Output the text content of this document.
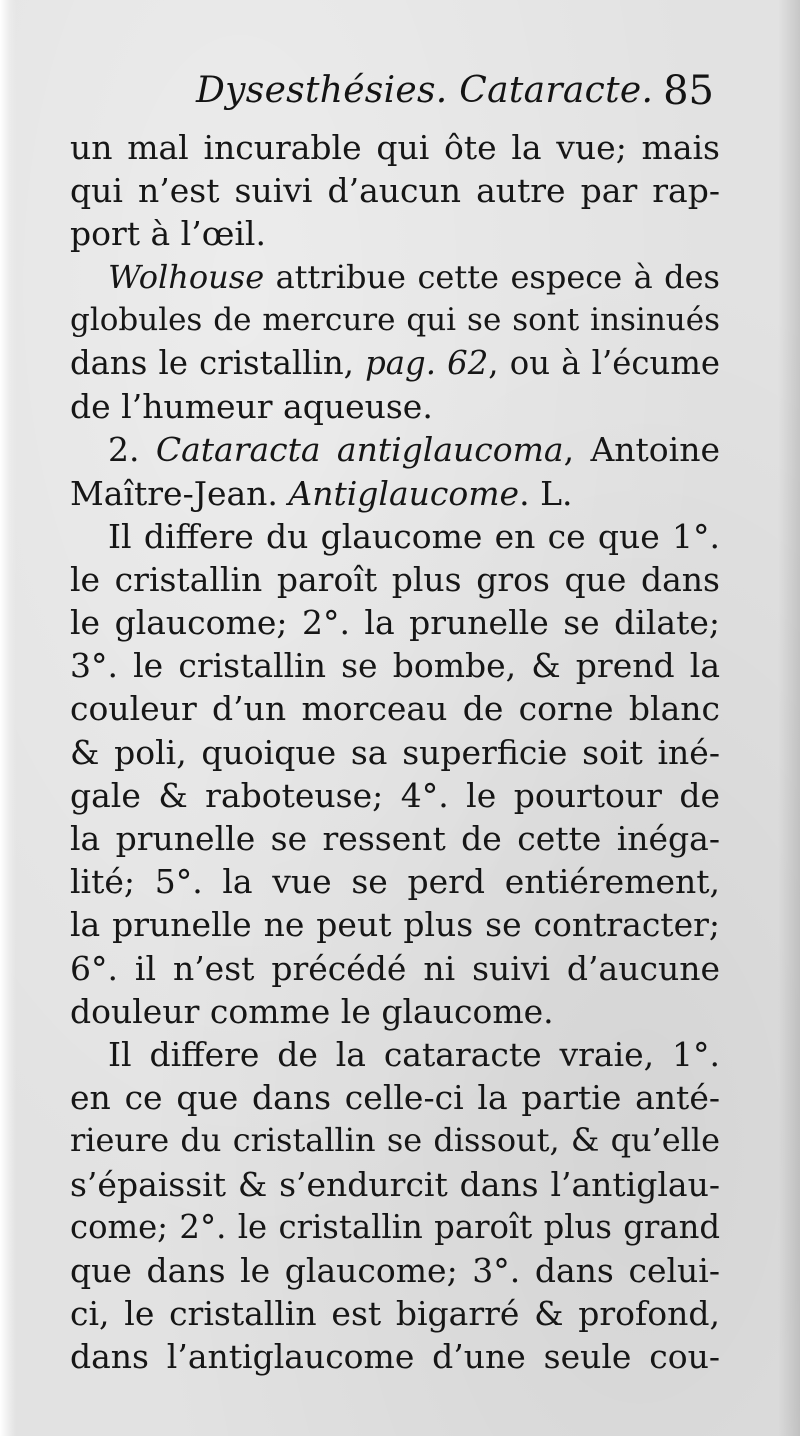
Dysesthésies. Cataracte. 85
un mal incurable qui ôte la vue; mais
qui n’est suivi d’aucun autre par rap-
port à l’œil.
Wolhouse attribue cette espece à des
globules de mercure qui se sont insinués
dans le cristallin, pag. 62, ou à l’écume
de l’humeur aqueuse.
2. Cataracta antiglaucoma, Antoine
Maître-Jean. Antiglaucome. L.
Il differe du glaucome en ce que 1°.
le cristallin paroît plus gros que dans
le glaucome; 2°. la prunelle se dilate;
3°. le cristallin se bombe, & prend la
couleur d’un morceau de corne blanc
& poli, quoique sa superficie soit iné-
gale & raboteuse; 4°. le pourtour de
la prunelle se ressent de cette inéga-
lité; 5°. la vue se perd entiérement,
la prunelle ne peut plus se contracter;
6°. il n’est précédé ni suivi d’aucune
douleur comme le glaucome.
Il differe de la cataracte vraie, 1°.
en ce que dans celle-ci la partie anté-
rieure du cristallin se dissout, & qu’elle
s’épaissit & s’endurcit dans l’antiglau-
come; 2°. le cristallin paroît plus grand
que dans le glaucome; 3°. dans celui-
ci, le cristallin est bigarré & profond,
dans l’antiglaucome d’une seule cou-
